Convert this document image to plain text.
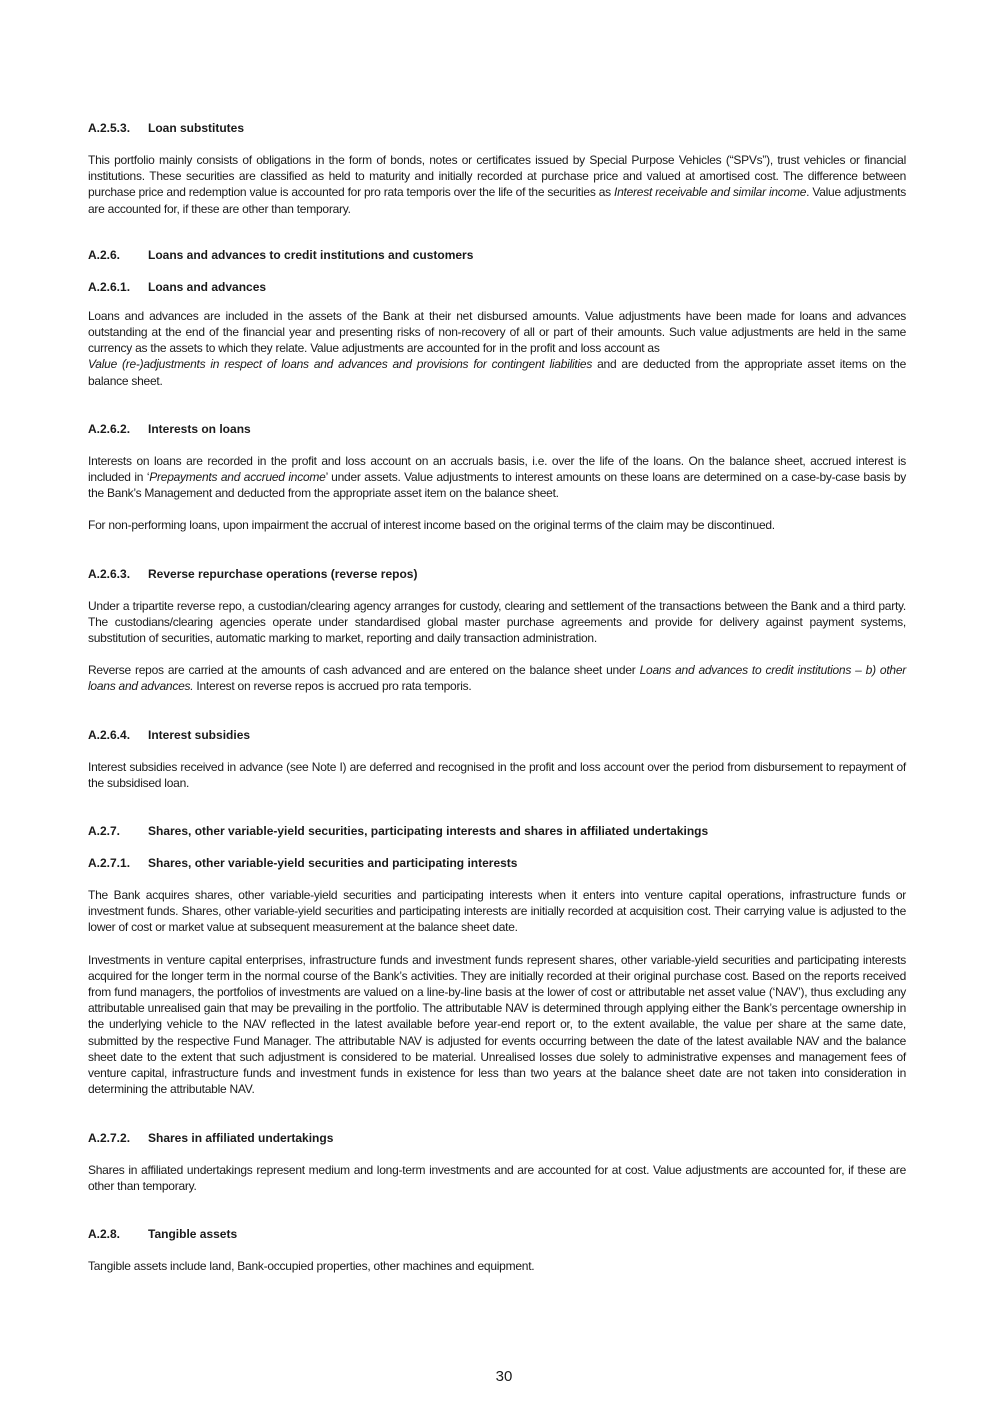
A.2.5.3.	Loan substitutes

This portfolio mainly consists of obligations in the form of bonds, notes or certificates issued by Special Purpose Vehicles (“SPVs”), trust vehicles or financial institutions. These securities are classified as held to maturity and initially recorded at purchase price and valued at amortised cost. The difference between purchase price and redemption value is accounted for pro rata temporis over the life of the securities as Interest receivable and similar income. Value adjustments are accounted for, if these are other than temporary.

A.2.6.	Loans and advances to credit institutions and customers
A.2.6.1.	Loans and advances

Loans and advances are included in the assets of the Bank at their net disbursed amounts. Value adjustments have been made for loans and advances outstanding at the end of the financial year and presenting risks of non-recovery of all or part of their amounts. Such value adjustments are held in the same currency as the assets to which they relate. Value adjustments are accounted for in the profit and loss account as
Value (re-)adjustments in respect of loans and advances and provisions for contingent liabilities and are deducted from the appropriate asset items on the balance sheet.

A.2.6.2.	Interests on loans

Interests on loans are recorded in the profit and loss account on an accruals basis, i.e. over the life of the loans. On the balance sheet, accrued interest is included in ‘Prepayments and accrued income’ under assets. Value adjustments to interest amounts on these loans are determined on a case-by-case basis by the Bank’s Management and deducted from the appropriate asset item on the balance sheet.

For non-performing loans, upon impairment the accrual of interest income based on the original terms of the claim may be discontinued.

A.2.6.3.	Reverse repurchase operations (reverse repos)

Under a tripartite reverse repo, a custodian/clearing agency arranges for custody, clearing and settlement of the transactions between the Bank and a third party. The custodians/clearing agencies operate under standardised global master purchase agreements and provide for delivery against payment systems, substitution of securities, automatic marking to market, reporting and daily transaction administration.

Reverse repos are carried at the amounts of cash advanced and are entered on the balance sheet under Loans and advances to credit institutions – b) other loans and advances. Interest on reverse repos is accrued pro rata temporis.

A.2.6.4.	Interest subsidies

Interest subsidies received in advance (see Note I) are deferred and recognised in the profit and loss account over the period from disbursement to repayment of the subsidised loan.

A.2.7.	Shares, other variable-yield securities, participating interests and shares in affiliated undertakings
A.2.7.1.	Shares, other variable-yield securities and participating interests

The Bank acquires shares, other variable-yield securities and participating interests when it enters into venture capital operations, infrastructure funds or investment funds. Shares, other variable-yield securities and participating interests are initially recorded at acquisition cost. Their carrying value is adjusted to the lower of cost or market value at subsequent measurement at the balance sheet date.

Investments in venture capital enterprises, infrastructure funds and investment funds represent shares, other variable-yield securities and participating interests acquired for the longer term in the normal course of the Bank’s activities. They are initially recorded at their original purchase cost. Based on the reports received from fund managers, the portfolios of investments are valued on a line-by-line basis at the lower of cost or attributable net asset value (‘NAV’), thus excluding any attributable unrealised gain that may be prevailing in the portfolio. The attributable NAV is determined through applying either the Bank’s percentage ownership in the underlying vehicle to the NAV reflected in the latest available before year-end report or, to the extent available, the value per share at the same date, submitted by the respective Fund Manager. The attributable NAV is adjusted for events occurring between the date of the latest available NAV and the balance sheet date to the extent that such adjustment is considered to be material. Unrealised losses due solely to administrative expenses and management fees of venture capital, infrastructure funds and investment funds in existence for less than two years at the balance sheet date are not taken into consideration in determining the attributable NAV.

A.2.7.2.	Shares in affiliated undertakings

Shares in affiliated undertakings represent medium and long-term investments and are accounted for at cost. Value adjustments are accounted for, if these are other than temporary.

A.2.8.	Tangible assets

Tangible assets include land, Bank-occupied properties, other machines and equipment.

30
